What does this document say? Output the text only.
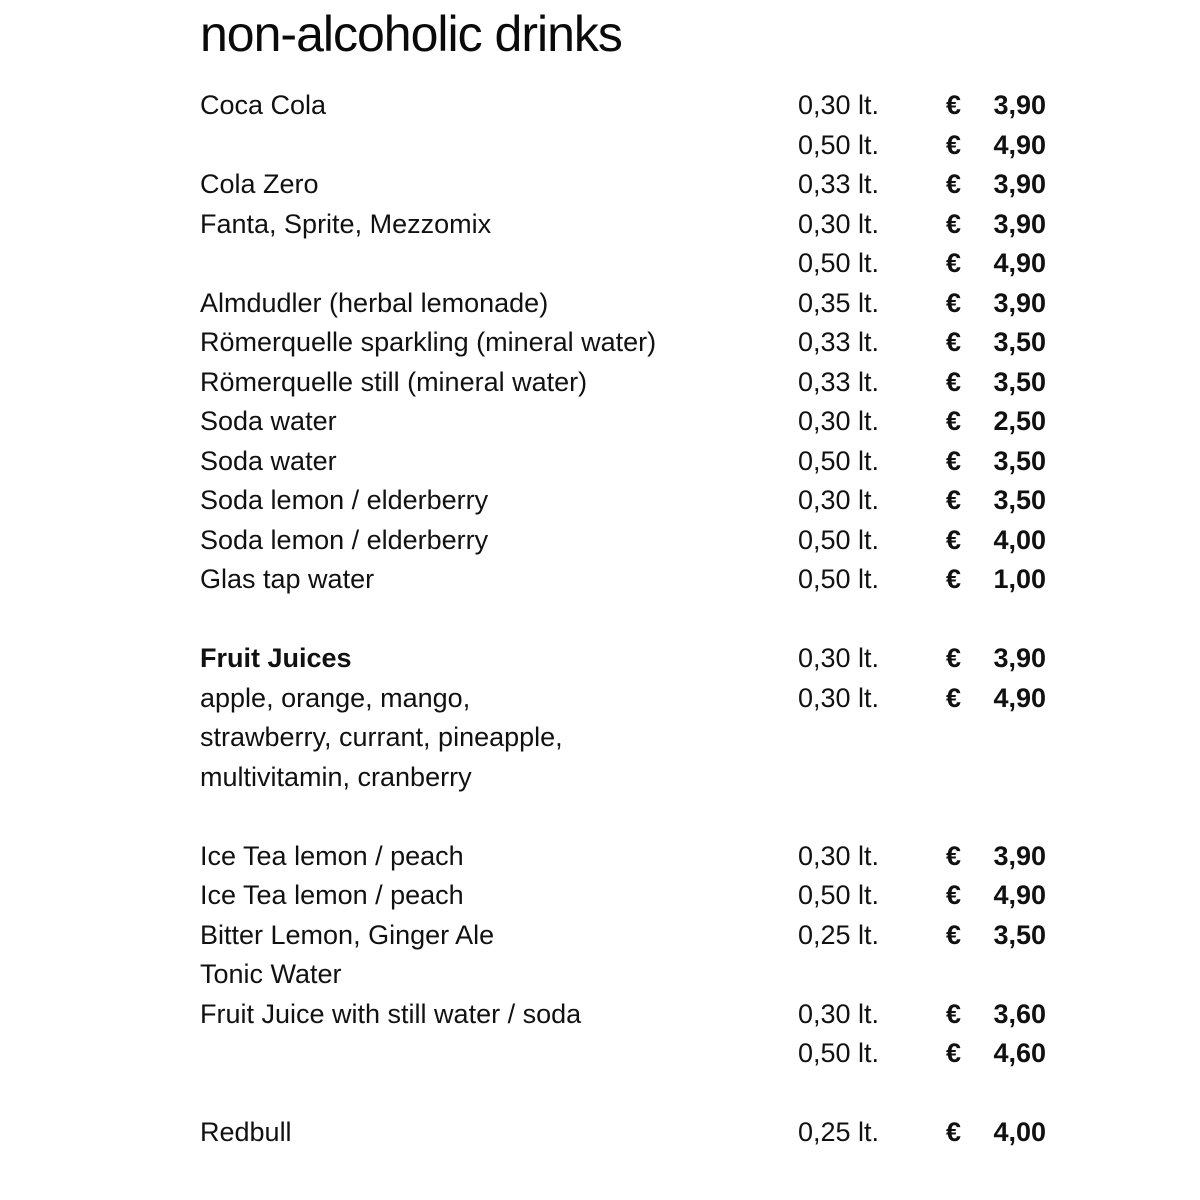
non-alcoholic drinks
Coca Cola	0,30 lt. € 3,90
0,50 lt. € 4,90
Cola Zero	0,33 lt. € 3,90
Fanta, Sprite, Mezzomix	0,30 lt. € 3,90
0,50 lt. € 4,90
Almdudler (herbal lemonade)	0,35 lt. € 3,90
Römerquelle sparkling (mineral water)	0,33 lt. € 3,50
Römerquelle still (mineral water)	0,33 lt. € 3,50
Soda water	0,30 lt. € 2,50
Soda water	0,50 lt. € 3,50
Soda lemon / elderberry	0,30 lt. € 3,50
Soda lemon / elderberry	0,50 lt. € 4,00
Glas tap water	0,50 lt. € 1,00
Fruit Juices	0,30 lt. € 3,90
apple, orange, mango,	0,30 lt. € 4,90
strawberry, currant, pineapple,
multivitamin, cranberry
Ice Tea lemon / peach	0,30 lt. € 3,90
Ice Tea lemon / peach	0,50 lt. € 4,90
Bitter Lemon, Ginger Ale	0,25 lt. € 3,50
Tonic Water
Fruit Juice with still water / soda	0,30 lt. € 3,60
0,50 lt. € 4,60
Redbull	0,25 lt. € 4,00
